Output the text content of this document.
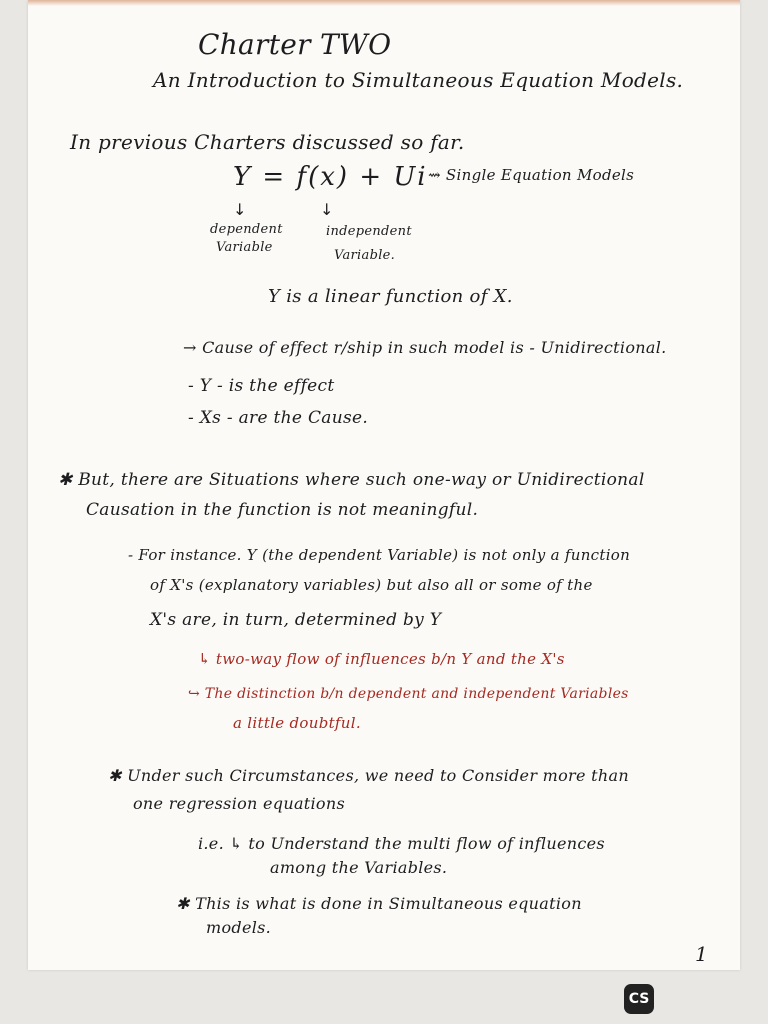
Charter TWO
An Introduction to Simultaneous Equation Models.
In previous Charters discussed so far.
Y = f(x) + Ui ⇝ Single Equation Models
↓	↓
dependent
Variable
independent
Variable.
Y is a linear function of X.
→ Cause of effect r/ship in such model is - Unidirectional.
- Y - is the effect
- Xs - are the Cause.
✱ But, there are Situations where such one-way or Unidirectional
Causation in the function is not meaningful.
- For instance. Y (the dependent Variable) is not only a function
of X's (explanatory variables) but also all or some of the
X's are, in turn, determined by Y
↳ two-way flow of influences b/n Y and the X's
↪ The distinction b/n dependent and independent Variables
a little doubtful.
✱ Under such Circumstances, we need to Consider more than
one regression equations
i.e. ↳ to Understand the multi flow of influences
among the Variables.
✱ This is what is done in Simultaneous equation
models.
1
CS
